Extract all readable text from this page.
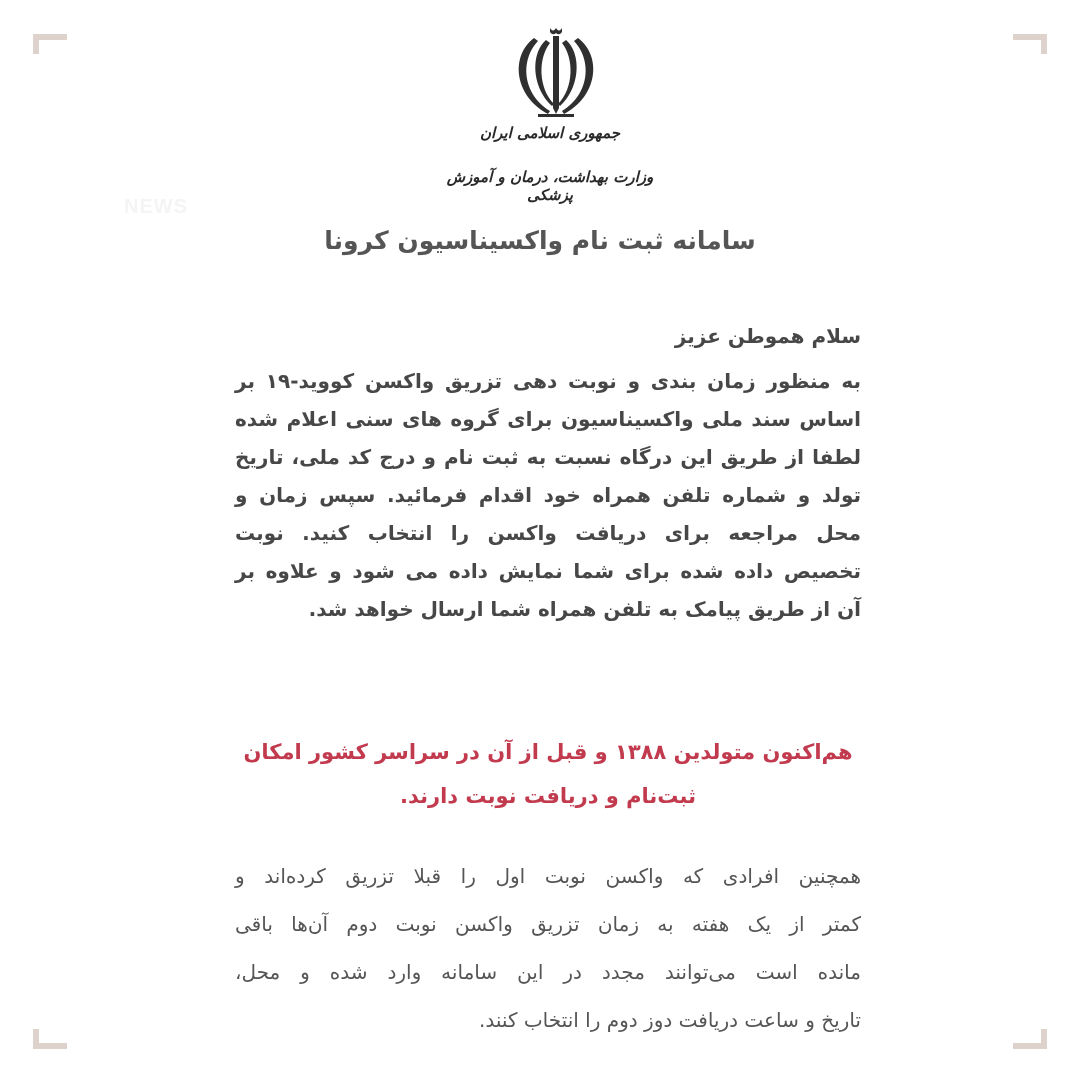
جمهوری اسلامی ایران
وزارت بهداشت، درمان و آموزش پزشکی
NEWS
سامانه ثبت نام واکسیناسیون کرونا
سلام هموطن عزیز
به منظور زمان بندی و نوبت دهی تزریق واکسن کووید-۱۹ بر
اساس سند ملی واکسیناسیون برای گروه های سنی اعلام شده
لطفا از طریق این درگاه نسبت به ثبت نام و درج کد ملی، تاریخ
تولد و شماره تلفن همراه خود اقدام فرمائید. سپس زمان و
محل مراجعه برای دریافت واکسن را انتخاب کنید. نوبت
تخصیص داده شده برای شما نمایش داده می شود و علاوه بر
آن از طریق پیامک به تلفن همراه شما ارسال خواهد شد.
هم‌اکنون متولدین ۱۳۸۸ و قبل از آن در سراسر کشور امکان
ثبت‌نام و دریافت نوبت دارند.
همچنین افرادی که واکسن نوبت اول را قبلا تزریق کرده‌اند و
کمتر از یک هفته به زمان تزریق واکسن نوبت دوم آن‌ها باقی
مانده است می‌توانند مجدد در این سامانه وارد شده و محل،
تاریخ و ساعت دریافت دوز دوم را انتخاب کنند.
